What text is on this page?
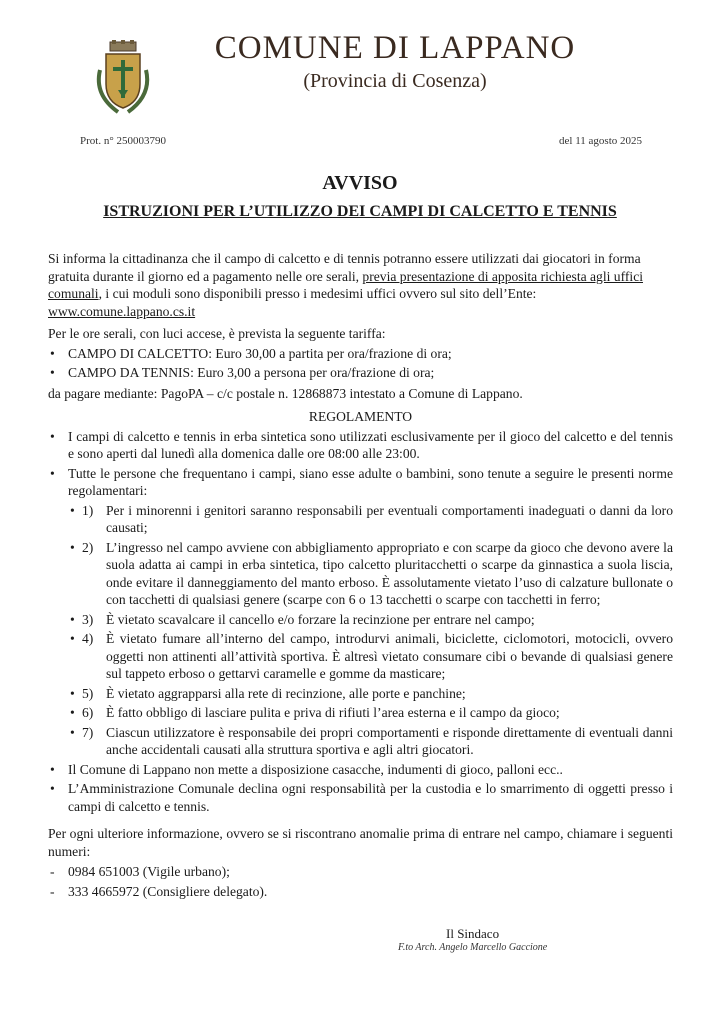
COMUNE DI LAPPANO
(Provincia di Cosenza)
Prot. n° 250003790	del 11 agosto 2025
AVVISO
ISTRUZIONI PER L’UTILIZZO DEI CAMPI DI CALCETTO E TENNIS

Si informa la cittadinanza che il campo di calcetto e di tennis potranno essere utilizzati dai giocatori in forma gratuita durante il giorno ed a pagamento nelle ore serali, previa presentazione di apposita richiesta agli uffici comunali, i cui moduli sono disponibili presso i medesimi uffici ovvero sul sito dell’Ente: www.comune.lappano.cs.it

Per le ore serali, con luci accese, è prevista la seguente tariffa:

• CAMPO DI CALCETTO: Euro 30,00 a partita per ora/frazione di ora;
• CAMPO DA TENNIS: Euro 3,00 a persona per ora/frazione di ora;

da pagare mediante: PagoPA – c/c postale n. 12868873 intestato a Comune di Lappano.

REGOLAMENTO

• I campi di calcetto e tennis in erba sintetica sono utilizzati esclusivamente per il gioco del calcetto e del tennis e sono aperti dal lunedì alla domenica dalle ore 08:00 alle 23:00.
• Tutte le persone che frequentano i campi, siano esse adulte o bambini, sono tenute a seguire le presenti norme regolamentari:
• 1) Per i minorenni i genitori saranno responsabili per eventuali comportamenti inadeguati o danni da loro causati;
• 2) L’ingresso nel campo avviene con abbigliamento appropriato e con scarpe da gioco che devono avere la suola adatta ai campi in erba sintetica, tipo calcetto pluritacchetti o scarpe da ginnastica a suola liscia, onde evitare il danneggiamento del manto erboso. È assolutamente vietato l’uso di calzature bullonate o con tacchetti di qualsiasi genere (scarpe con 6 o 13 tacchetti o scarpe con tacchetti in ferro;
• 3) È vietato scavalcare il cancello e/o forzare la recinzione per entrare nel campo;
• 4) È vietato fumare all’interno del campo, introdurvi animali, biciclette, ciclomotori, motocicli, ovvero oggetti non attinenti all’attività sportiva. È altresì vietato consumare cibi o bevande di qualsiasi genere sul tappeto erboso o gettarvi caramelle e gomme da masticare;
• 5) È vietato aggrapparsi alla rete di recinzione, alle porte e panchine;
• 6) È fatto obbligo di lasciare pulita e priva di rifiuti l’area esterna e il campo da gioco;
• 7) Ciascun utilizzatore è responsabile dei propri comportamenti e risponde direttamente di eventuali danni anche accidentali causati alla struttura sportiva e agli altri giocatori.
• Il Comune di Lappano non mette a disposizione casacche, indumenti di gioco, palloni ecc..
• L’Amministrazione Comunale declina ogni responsabilità per la custodia e lo smarrimento di oggetti presso i campi di calcetto e tennis.

Per ogni ulteriore informazione, ovvero se si riscontrano anomalie prima di entrare nel campo, chiamare i seguenti numeri:

- 0984 651003 (Vigile urbano);
- 333 4665972 (Consigliere delegato).
Il Sindaco
F.to Arch. Angelo Marcello Gaccione
